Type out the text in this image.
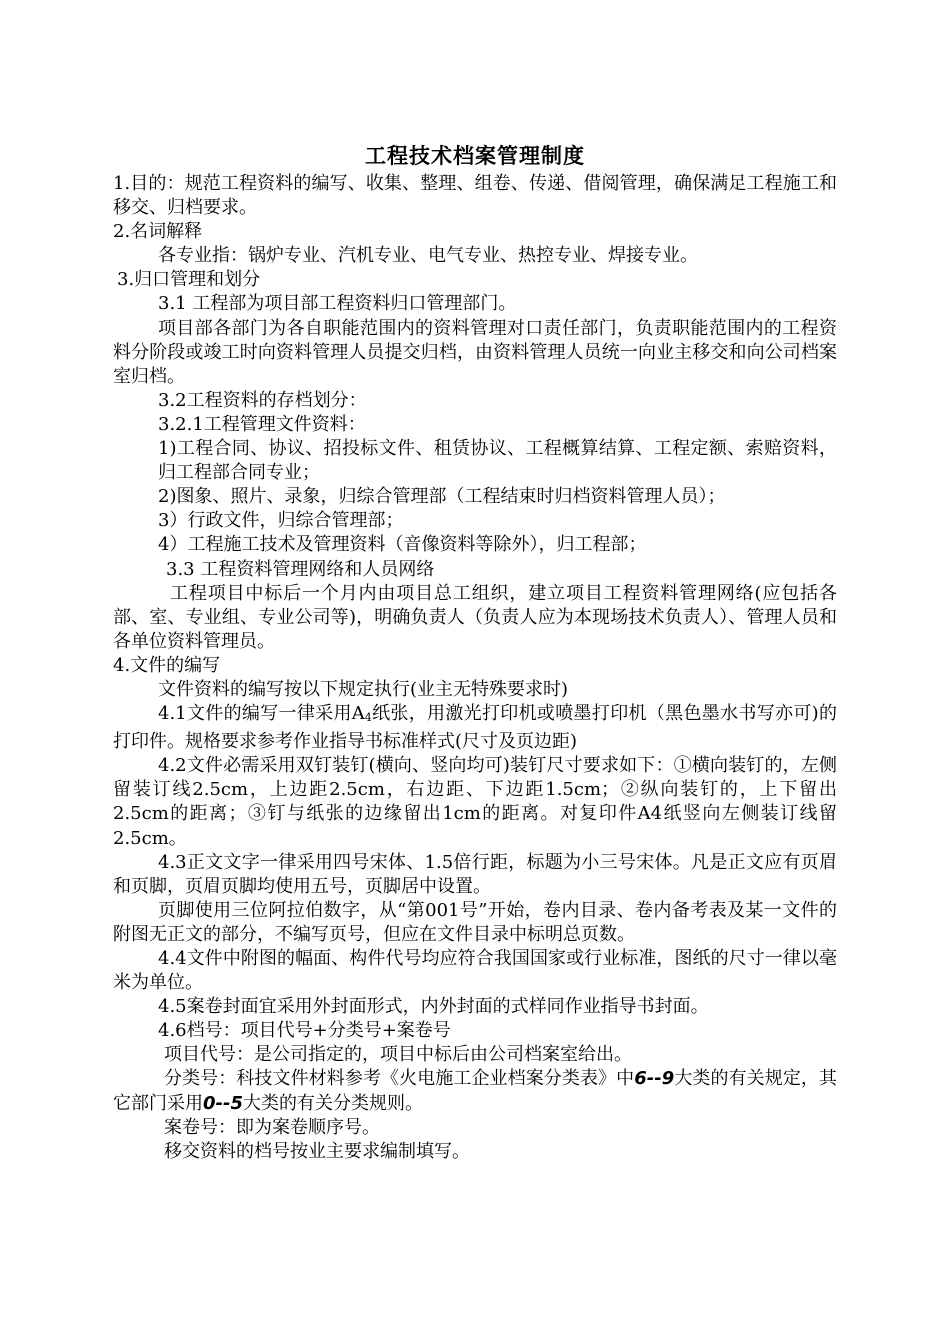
工程技术档案管理制度

1.目的：规范工程资料的编写、收集、整理、组卷、传递、借阅管理，确保满足工程施工和移交、归档要求。

2.名词解释

各专业指：锅炉专业、汽机专业、电气专业、热控专业、焊接专业。

3.归口管理和划分

3.1 工程部为项目部工程资料归口管理部门。

项目部各部门为各自职能范围内的资料管理对口责任部门，负责职能范围内的工程资料分阶段或竣工时向资料管理人员提交归档，由资料管理人员统一向业主移交和向公司档案室归档。

3.2工程资料的存档划分：

3.2.1工程管理文件资料：

1)工程合同、协议、招投标文件、租赁协议、工程概算结算、工程定额、索赔资料，归工程部合同专业；

2)图象、照片、录象，归综合管理部（工程结束时归档资料管理人员）；

3）行政文件，归综合管理部；

4）工程施工技术及管理资料（音像资料等除外），归工程部；

3.3 工程资料管理网络和人员网络

工程项目中标后一个月内由项目总工组织，建立项目工程资料管理网络(应包括各部、室、专业组、专业公司等)，明确负责人（负责人应为本现场技术负责人）、管理人员和各单位资料管理员。

4.文件的编写

文件资料的编写按以下规定执行(业主无特殊要求时)

4.1文件的编写一律采用A4纸张，用激光打印机或喷墨打印机（黑色墨水书写亦可)的打印件。规格要求参考作业指导书标准样式(尺寸及页边距)

4.2文件必需采用双钉装钉(横向、竖向均可)装钉尺寸要求如下：①横向装钉的，左侧留装订线2.5cm，上边距2.5cm，右边距、下边距1.5cm；②纵向装钉的，上下留出2.5cm的距离；③钉与纸张的边缘留出1cm的距离。对复印件A4纸竖向左侧装订线留2.5cm。

4.3正文文字一律采用四号宋体、1.5倍行距，标题为小三号宋体。凡是正文应有页眉和页脚，页眉页脚均使用五号，页脚居中设置。

页脚使用三位阿拉伯数字，从“第001号”开始，卷内目录、卷内备考表及某一文件的附图无正文的部分，不编写页号，但应在文件目录中标明总页数。

4.4文件中附图的幅面、构件代号均应符合我国国家或行业标准，图纸的尺寸一律以毫米为单位。

4.5案卷封面宜采用外封面形式，内外封面的式样同作业指导书封面。

4.6档号：项目代号+分类号+案卷号

项目代号：是公司指定的，项目中标后由公司档案室给出。

分类号：科技文件材料参考《火电施工企业档案分类表》中6--9大类的有关规定，其它部门采用0--5大类的有关分类规则。

案卷号：即为案卷顺序号。

移交资料的档号按业主要求编制填写。
